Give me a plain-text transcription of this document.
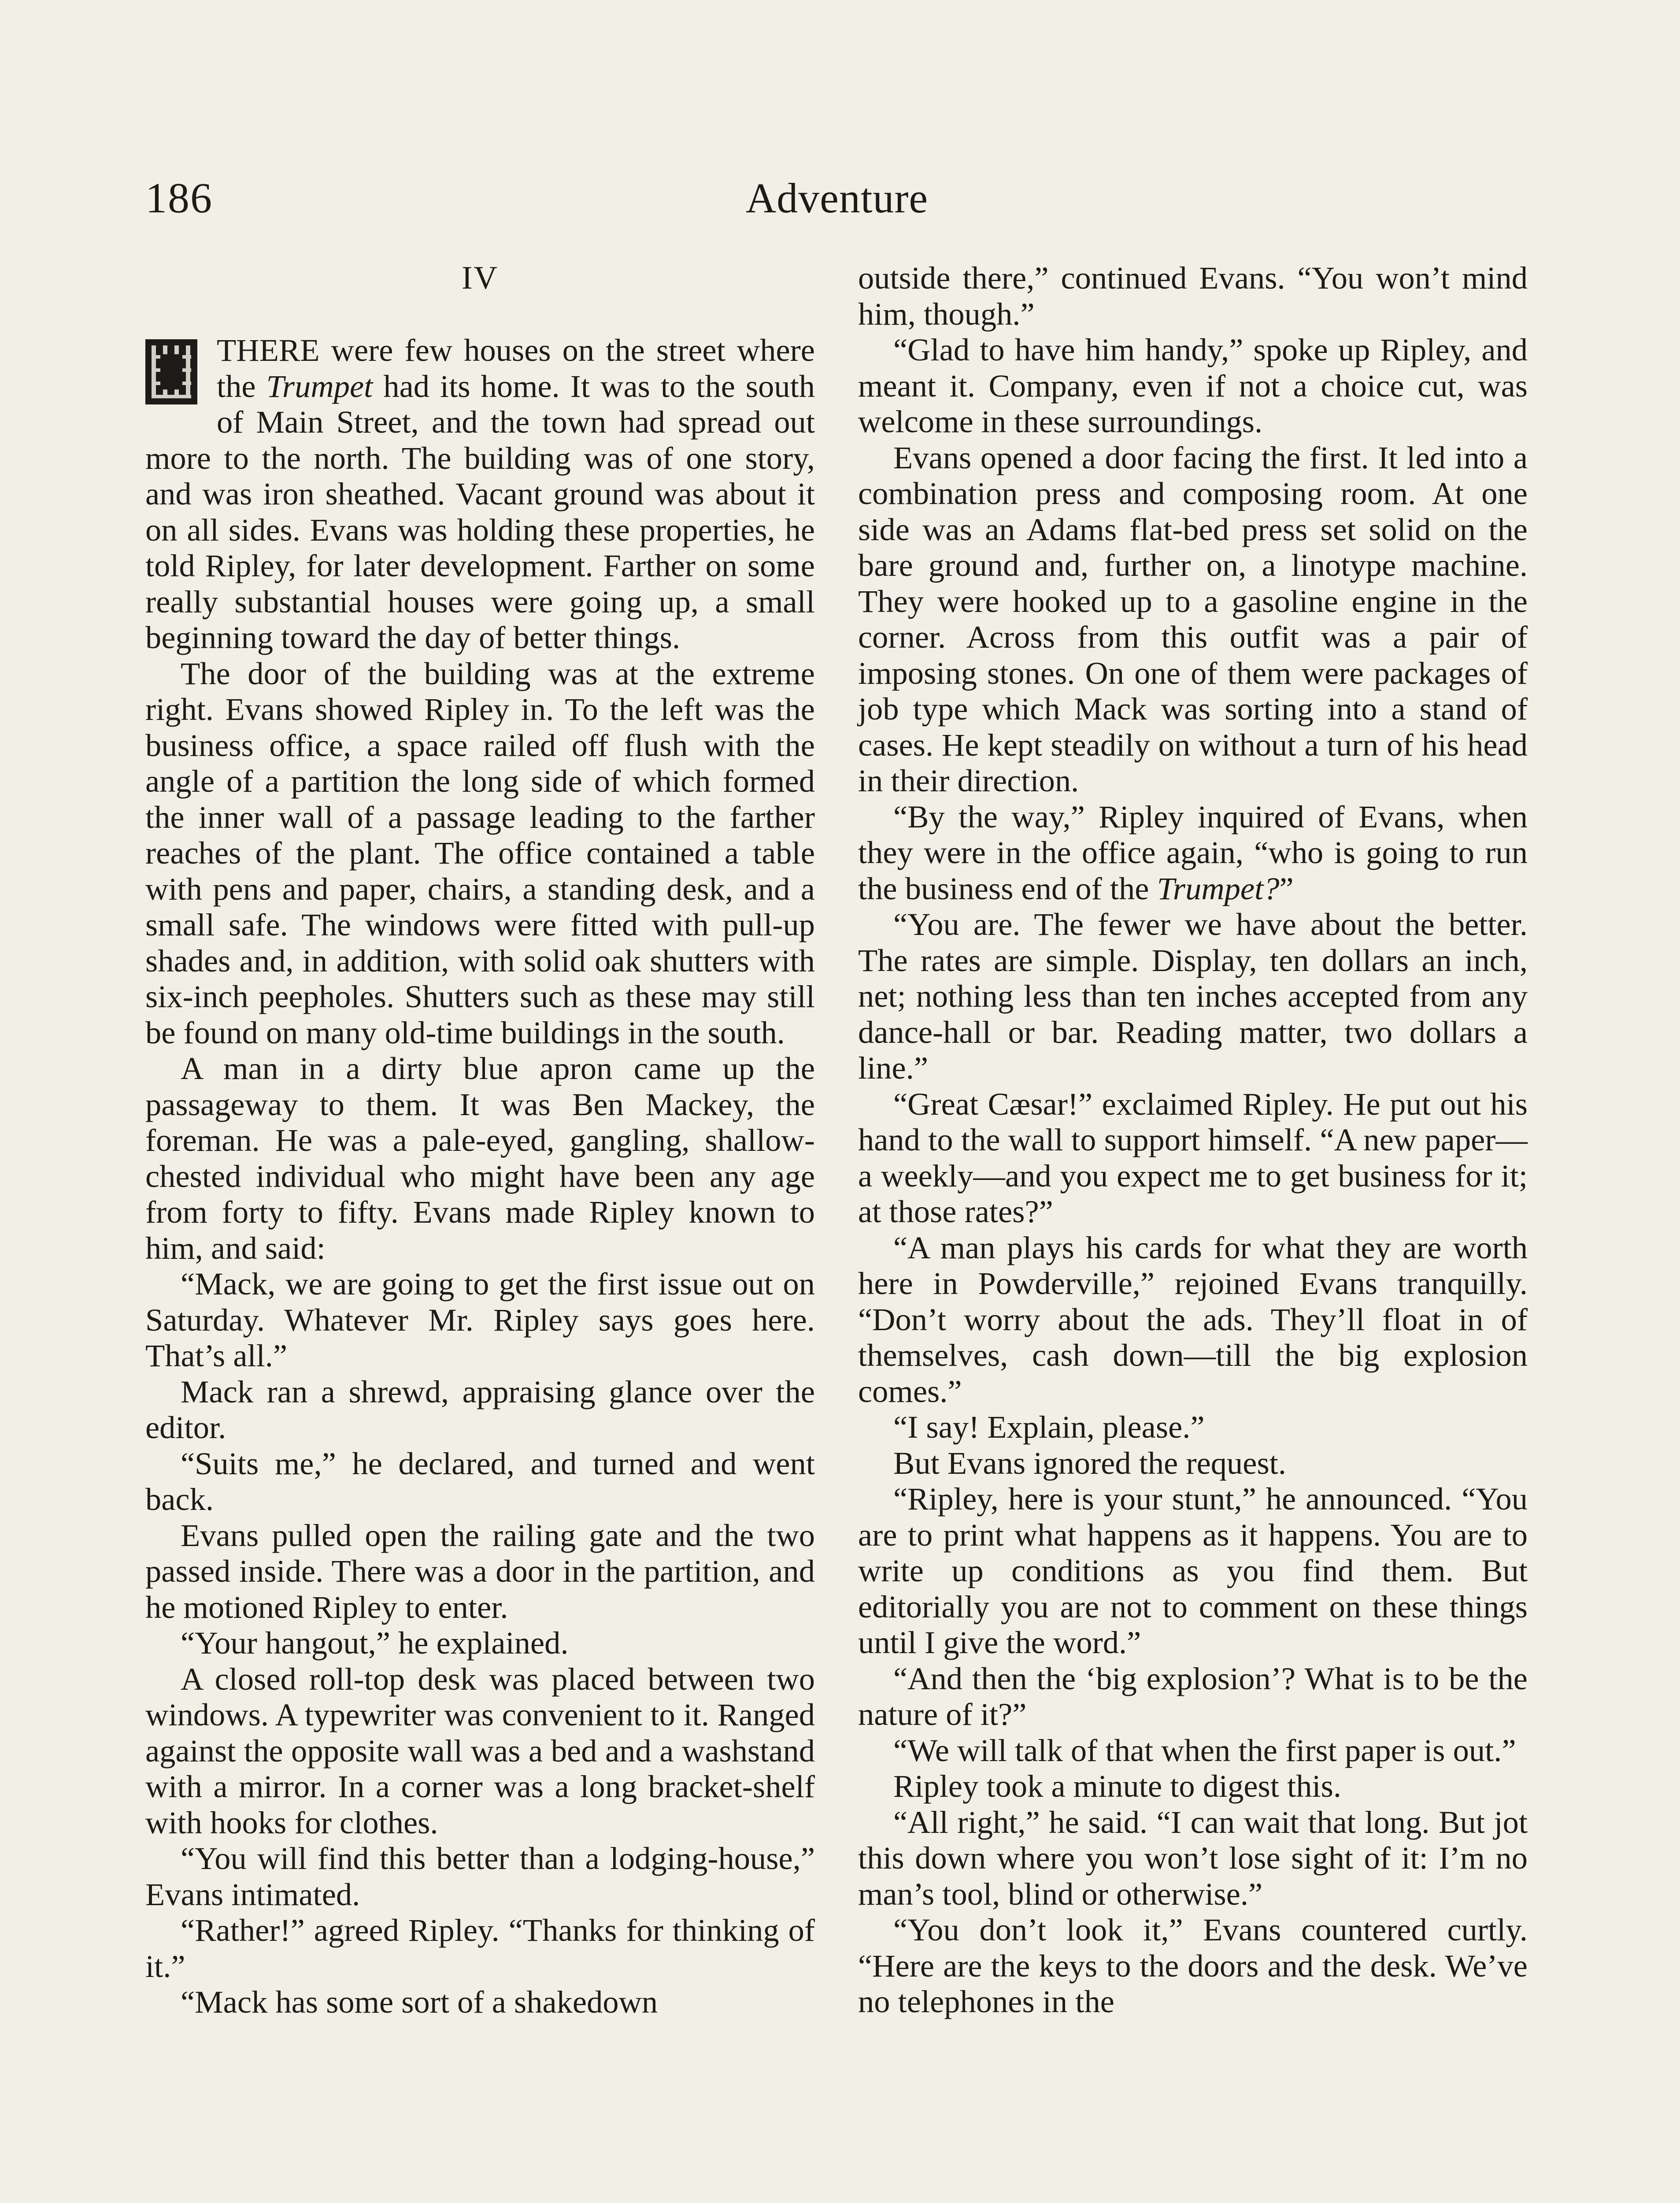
186	Adventure
IV

THERE were few houses on the street where the Trumpet had its home. It was to the south of Main Street, and the town had spread out more to the north. The building was of one story, and was iron sheathed. Vacant ground was about it on all sides. Evans was holding these properties, he told Ripley, for later development. Farther on some really substantial houses were going up, a small beginning toward the day of better things.

The door of the building was at the extreme right. Evans showed Ripley in. To the left was the business office, a space railed off flush with the angle of a partition the long side of which formed the inner wall of a passage leading to the farther reaches of the plant. The office contained a table with pens and paper, chairs, a standing desk, and a small safe. The windows were fitted with pull-up shades and, in addition, with solid oak shutters with six-inch peepholes. Shutters such as these may still be found on many old-time buildings in the south.

A man in a dirty blue apron came up the passageway to them. It was Ben Mackey, the foreman. He was a pale-eyed, gangling, shallow-chested individual who might have been any age from forty to fifty. Evans made Ripley known to him, and said:

“Mack, we are going to get the first issue out on Saturday. Whatever Mr. Ripley says goes here. That’s all.”

Mack ran a shrewd, appraising glance over the editor.

“Suits me,” he declared, and turned and went back.

Evans pulled open the railing gate and the two passed inside. There was a door in the partition, and he motioned Ripley to enter.

“Your hangout,” he explained.

A closed roll-top desk was placed between two windows. A typewriter was convenient to it. Ranged against the opposite wall was a bed and a washstand with a mirror. In a corner was a long bracket-shelf with hooks for clothes.

“You will find this better than a lodging-house,” Evans intimated.

“Rather!” agreed Ripley. “Thanks for thinking of it.”

“Mack has some sort of a shakedown

outside there,” continued Evans. “You won’t mind him, though.”

“Glad to have him handy,” spoke up Ripley, and meant it. Company, even if not a choice cut, was welcome in these surroundings.

Evans opened a door facing the first. It led into a combination press and composing room. At one side was an Adams flat-bed press set solid on the bare ground and, further on, a linotype machine. They were hooked up to a gasoline engine in the corner. Across from this outfit was a pair of imposing stones. On one of them were packages of job type which Mack was sorting into a stand of cases. He kept steadily on without a turn of his head in their direction.

“By the way,” Ripley inquired of Evans, when they were in the office again, “who is going to run the business end of the Trumpet?”

“You are. The fewer we have about the better. The rates are simple. Display, ten dollars an inch, net; nothing less than ten inches accepted from any dance-hall or bar. Reading matter, two dollars a line.”

“Great Cæsar!” exclaimed Ripley. He put out his hand to the wall to support himself. “A new paper—a weekly—and you expect me to get business for it; at those rates?”

“A man plays his cards for what they are worth here in Powderville,” rejoined Evans tranquilly. “Don’t worry about the ads. They’ll float in of themselves, cash down—till the big explosion comes.”

“I say! Explain, please.”

But Evans ignored the request.

“Ripley, here is your stunt,” he announced. “You are to print what happens as it happens. You are to write up conditions as you find them. But editorially you are not to comment on these things until I give the word.”

“And then the ‘big explosion’? What is to be the nature of it?”

“We will talk of that when the first paper is out.”

Ripley took a minute to digest this.

“All right,” he said. “I can wait that long. But jot this down where you won’t lose sight of it: I’m no man’s tool, blind or otherwise.”

“You don’t look it,” Evans countered curtly. “Here are the keys to the doors and the desk. We’ve no telephones in the
